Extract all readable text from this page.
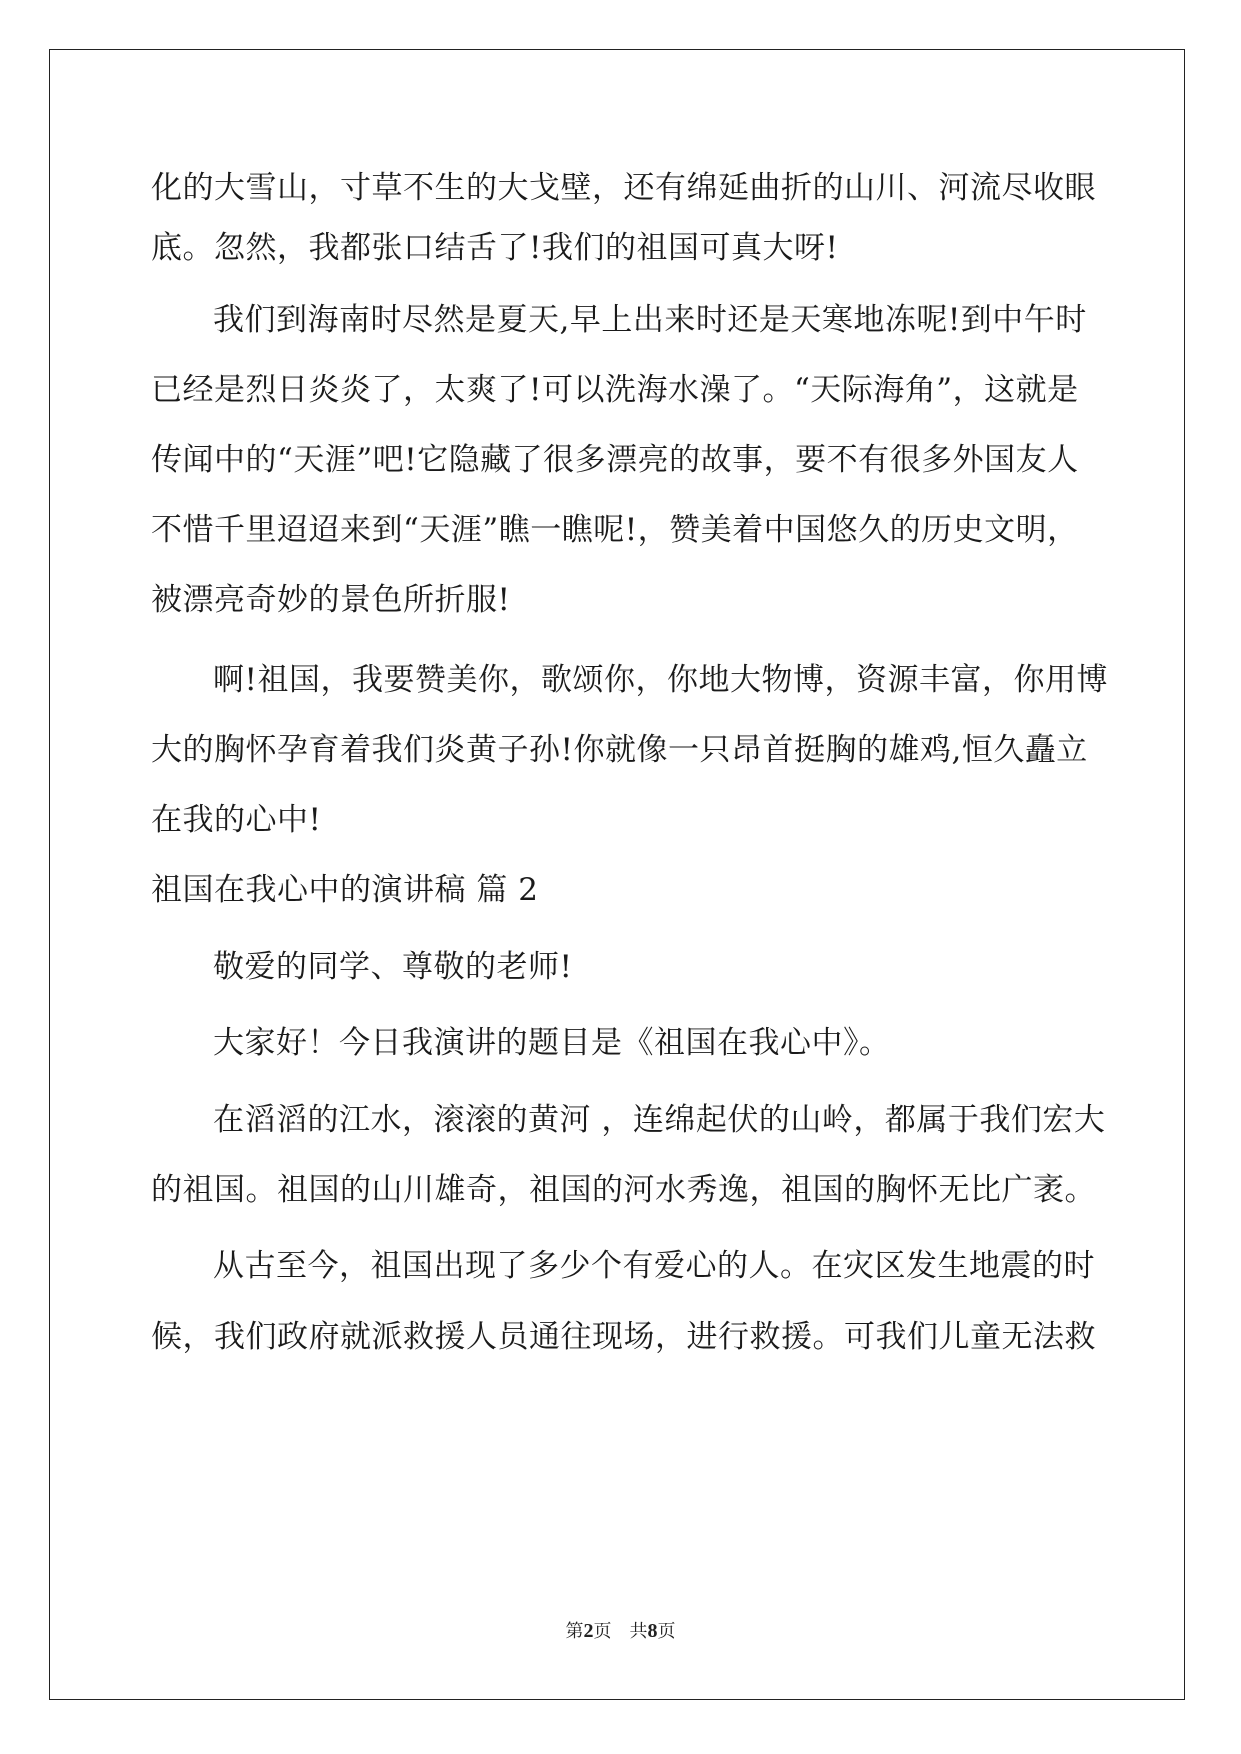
化的大雪山，寸草不生的大戈壁，还有绵延曲折的山川、河流尽收眼

底。忽然，我都张口结舌了!我们的祖国可真大呀!

我们到海南时尽然是夏天,早上出来时还是天寒地冻呢!到中午时

已经是烈日炎炎了，太爽了!可以洗海水澡了。“天际海角”，这就是

传闻中的“天涯”吧!它隐藏了很多漂亮的故事，要不有很多外国友人

不惜千里迢迢来到“天涯”瞧一瞧呢!，赞美着中国悠久的历史文明，

被漂亮奇妙的景色所折服!

啊!祖国，我要赞美你，歌颂你，你地大物博，资源丰富，你用博

大的胸怀孕育着我们炎黄子孙!你就像一只昂首挺胸的雄鸡,恒久矗立

在我的心中!

祖国在我心中的演讲稿 篇 2

敬爱的同学、尊敬的老师!

大家好！今日我演讲的题目是《祖国在我心中》。

在滔滔的江水，滚滚的黄河 ，连绵起伏的山岭，都属于我们宏大

的祖国。祖国的山川雄奇，祖国的河水秀逸，祖国的胸怀无比广袤。

从古至今，祖国出现了多少个有爱心的人。在灾区发生地震的时

候，我们政府就派救援人员通往现场，进行救援。可我们儿童无法救

第2页　共8页
